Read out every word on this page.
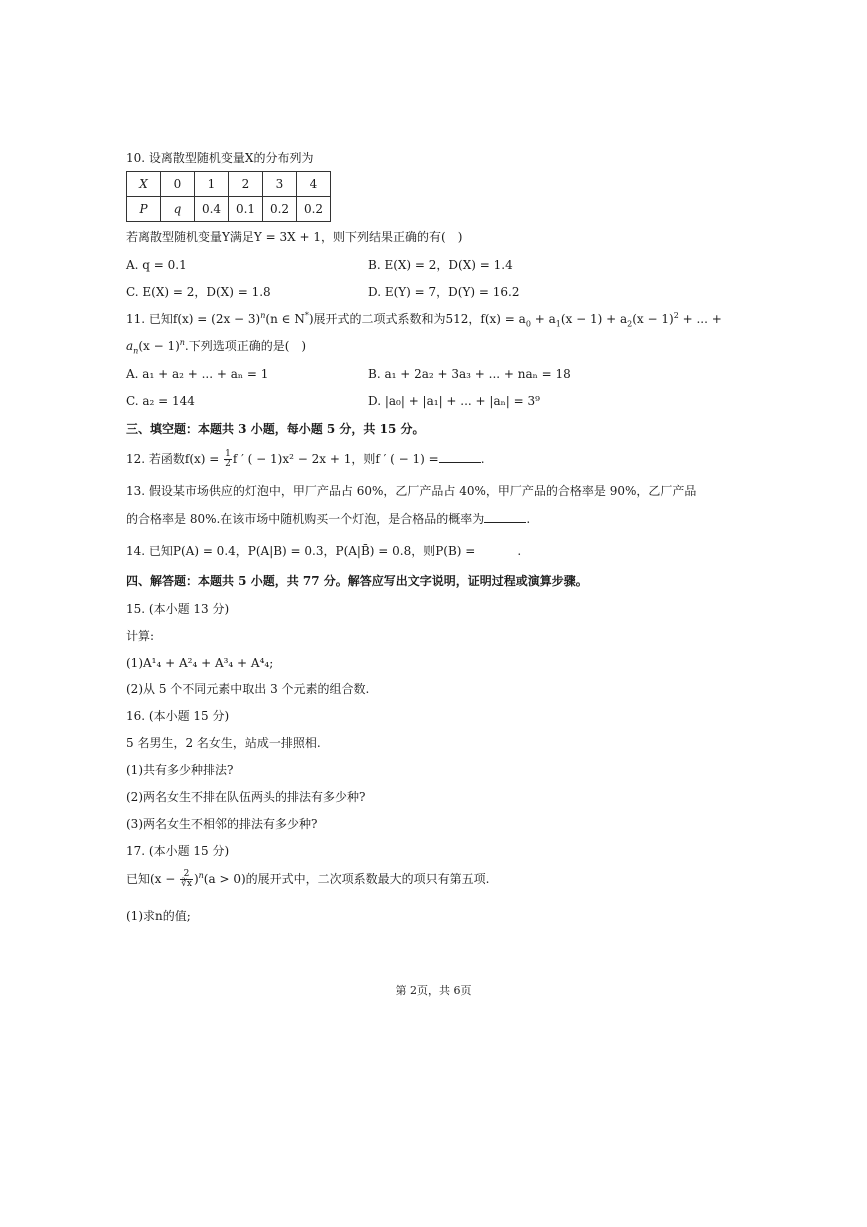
10. 设离散型随机变量X的分布列为
X	0	1	2	3	4
P	q	0.4	0.1	0.2	0.2
若离散型随机变量Y满足Y = 3X + 1，则下列结果正确的有(　)
A. q = 0.1	B. E(X) = 2，D(X) = 1.4
C. E(X) = 2，D(X) = 1.8	D. E(Y) = 7，D(Y) = 16.2
11. 已知$f(x) = (2x - 3)^n(n$ ∈ N*)展开式的二项式系数和为512，$f(x) = a_0 + a_1(x - 1) + a_2(x - 1)^2$ + ... +
$a_n(x - 1)^n$.下列选项正确的是(　)
A. a₁ + a₂ + ... + aₙ = 1	B. a₁ + 2a₂ + 3a₃ + ... + naₙ = 18
C. a₂ = 144	D. |a₀| + |a₁| + ... + |aₙ| = 3⁹
三、填空题：本题共 3 小题，每小题 5 分，共 15 分。
12. 若函数$f(x) = \frac{1}{2}$ f ′ ( − 1)x² − 2x + 1，则f ′ ( − 1) =	.
13. 假设某市场供应的灯泡中，甲厂产品占 60%，乙厂产品占 40%，甲厂产品的合格率是 90%，乙厂产品
的合格率是 80%.在该市场中随机购买一个灯泡，是合格品的概率为	.
14. 已知P(A) = 0.4，P(A|B) = 0.3，P(A|B̄) = 0.8，则P(B) =	.
四、解答题：本题共 5 小题，共 77 分。解答应写出文字说明，证明过程或演算步骤。
15. (本小题 13 分)
计算:
(1)A¹₄ + A²₄ + A³₄ + A⁴₄;
(2)从 5 个不同元素中取出 3 个元素的组合数.
16. (本小题 15 分)
5 名男生，2 名女生，站成一排照相.
(1)共有多少种排法?
(2)两名女生不排在队伍两头的排法有多少种?
(3)两名女生不相邻的排法有多少种?
17. (本小题 15 分)
已知$(x - \frac{2}{∛x} )^n(a > 0)$的展开式中，二次项系数最大的项只有第五项.
(1)求n的值;
第 2页，共 6页
